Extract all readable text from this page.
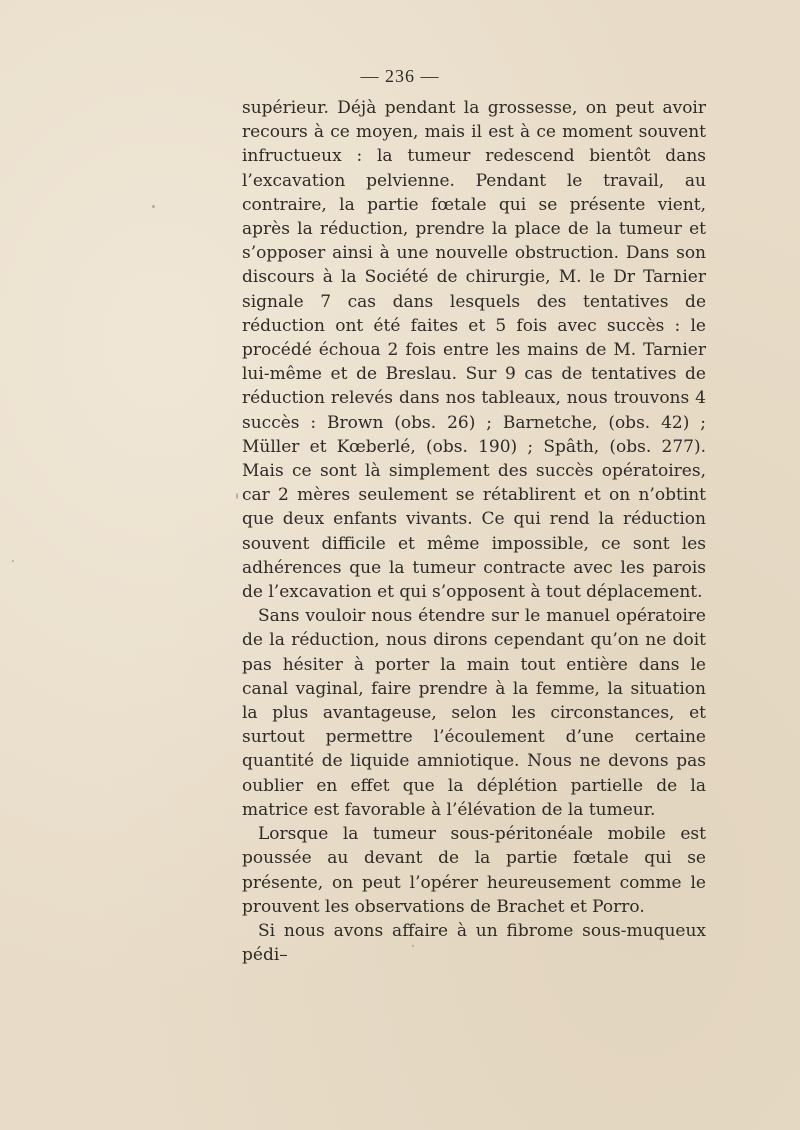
— 236 —

supérieur. Déjà pendant la grossesse, on peut avoir recours à ce moyen, mais il est à ce moment souvent infructueux : la tumeur redescend bientôt dans l’excavation pelvienne. Pendant le travail, au contraire, la partie fœtale qui se présente vient, après la réduction, prendre la place de la tumeur et s’opposer ainsi à une nouvelle obstruction. Dans son discours à la Société de chirurgie, M. le Dr Tarnier signale 7 cas dans lesquels des tentatives de réduction ont été faites et 5 fois avec succès : le procédé échoua 2 fois entre les mains de M. Tarnier lui-même et de Breslau. Sur 9 cas de tentatives de réduction relevés dans nos tableaux, nous trouvons 4 succès : Brown (obs. 26) ; Barnetche, (obs. 42) ; Müller et Kœberlé, (obs. 190) ; Spâth, (obs. 277). Mais ce sont là simplement des succès opératoires, car 2 mères seulement se rétablirent et on n’obtint que deux enfants vivants. Ce qui rend la réduction souvent difficile et même impossible, ce sont les adhérences que la tumeur contracte avec les parois de l’excavation et qui s’opposent à tout déplacement.

Sans vouloir nous étendre sur le manuel opératoire de la réduction, nous dirons cependant qu’on ne doit pas hésiter à porter la main tout entière dans le canal vaginal, faire prendre à la femme, la situation la plus avantageuse, selon les circonstances, et surtout permettre l’écoulement d’une certaine quantité de liquide amniotique. Nous ne devons pas oublier en effet que la déplétion partielle de la matrice est favorable à l’élévation de la tumeur.

Lorsque la tumeur sous-péritonéale mobile est poussée au devant de la partie fœtale qui se présente, on peut l’opérer heureusement comme le prouvent les observations de Brachet et Porro.

Si nous avons affaire à un fibrome sous-muqueux pédi–
